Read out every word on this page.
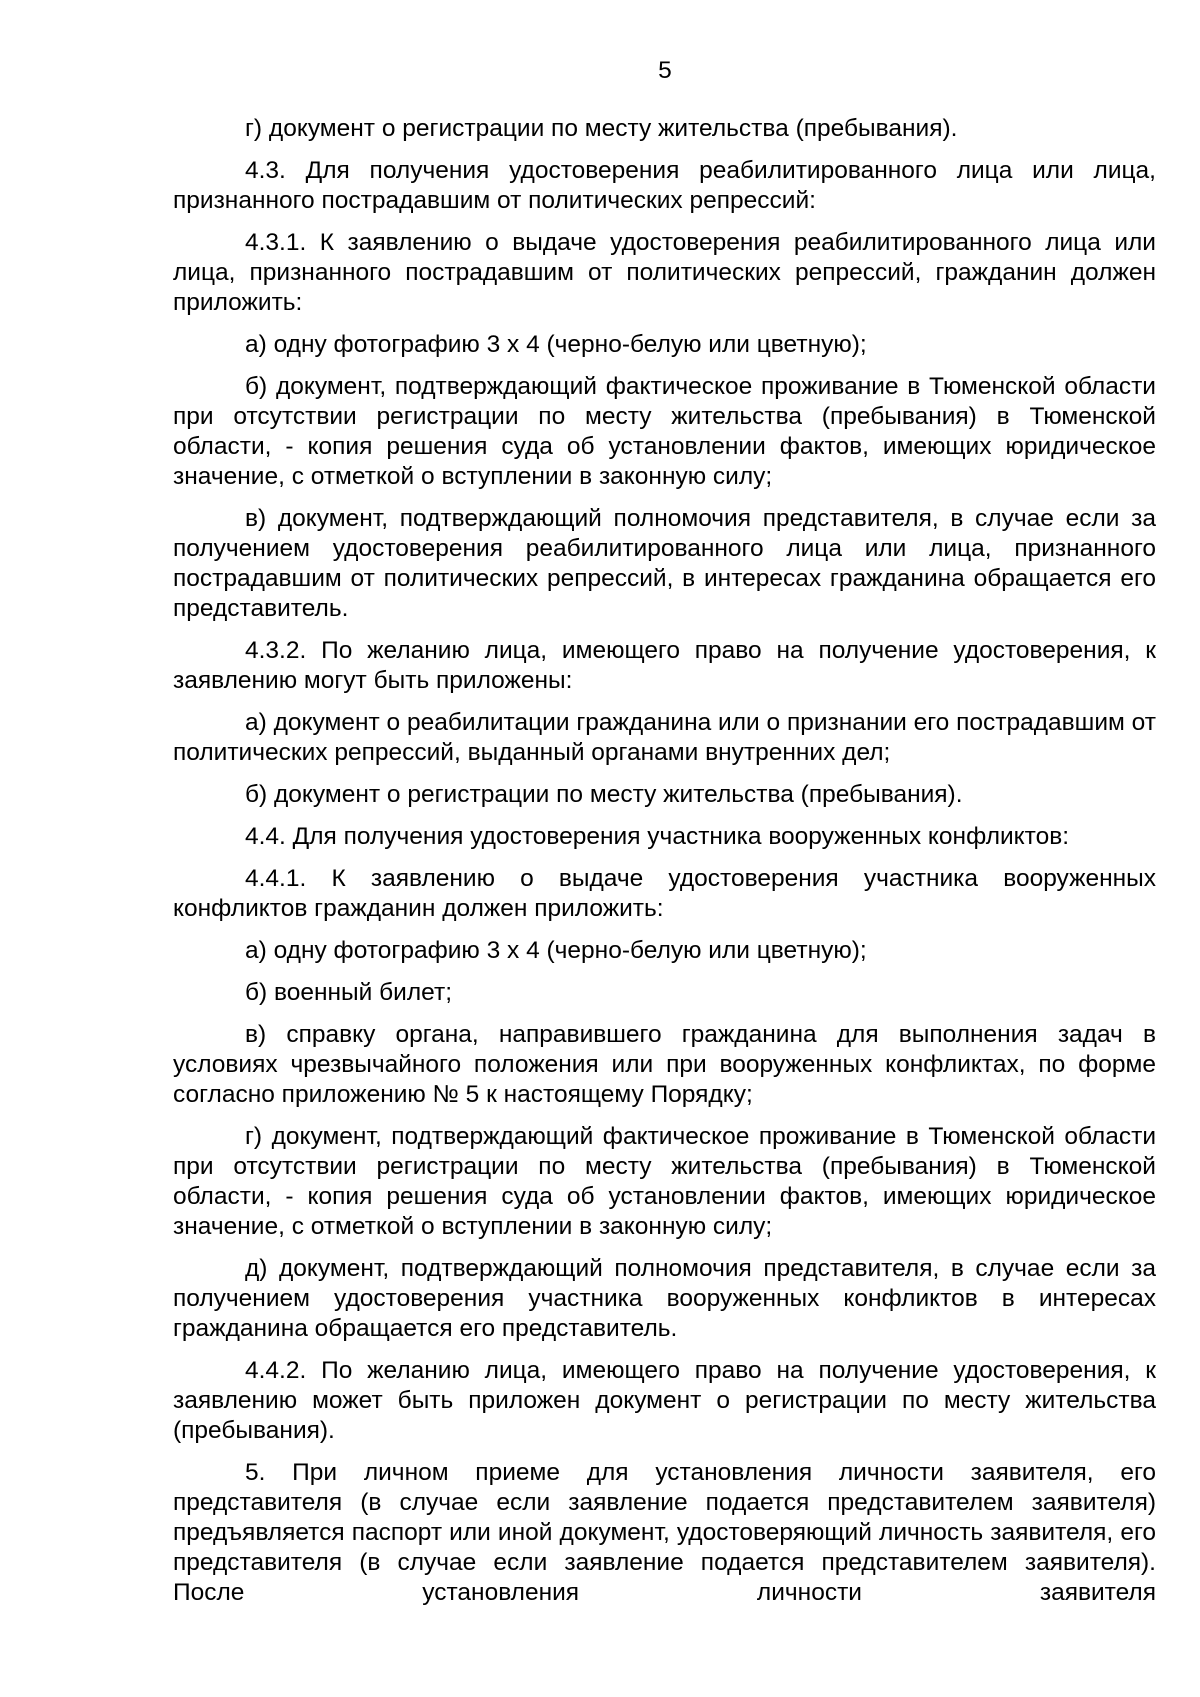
5

г) документ о регистрации по месту жительства (пребывания).

4.3. Для получения удостоверения реабилитированного лица или лица, признанного пострадавшим от политических репрессий:

4.3.1. К заявлению о выдаче удостоверения реабилитированного лица или лица, признанного пострадавшим от политических репрессий, гражданин должен приложить:

а) одну фотографию 3 х 4 (черно-белую или цветную);

б) документ, подтверждающий фактическое проживание в Тюменской области при отсутствии регистрации по месту жительства (пребывания) в Тюменской области, - копия решения суда об установлении фактов, имеющих юридическое значение, с отметкой о вступлении в законную силу;

в) документ, подтверждающий полномочия представителя, в случае если за получением удостоверения реабилитированного лица или лица, признанного пострадавшим от политических репрессий, в интересах гражданина обращается его представитель.

4.3.2. По желанию лица, имеющего право на получение удостоверения, к заявлению могут быть приложены:

а) документ о реабилитации гражданина или о признании его пострадавшим от политических репрессий, выданный органами внутренних дел;

б) документ о регистрации по месту жительства (пребывания).

4.4. Для получения удостоверения участника вооруженных конфликтов:

4.4.1. К заявлению о выдаче удостоверения участника вооруженных конфликтов гражданин должен приложить:

а) одну фотографию 3 х 4 (черно-белую или цветную);

б) военный билет;

в) справку органа, направившего гражданина для выполнения задач в условиях чрезвычайного положения или при вооруженных конфликтах, по форме согласно приложению № 5 к настоящему Порядку;

г) документ, подтверждающий фактическое проживание в Тюменской области при отсутствии регистрации по месту жительства (пребывания) в Тюменской области, - копия решения суда об установлении фактов, имеющих юридическое значение, с отметкой о вступлении в законную силу;

д) документ, подтверждающий полномочия представителя, в случае если за получением удостоверения участника вооруженных конфликтов в интересах гражданина обращается его представитель.

4.4.2. По желанию лица, имеющего право на получение удостоверения, к заявлению может быть приложен документ о регистрации по месту жительства (пребывания).

5. При личном приеме для установления личности заявителя, его представителя (в случае если заявление подается представителем заявителя) предъявляется паспорт или иной документ, удостоверяющий личность заявителя, его представителя (в случае если заявление подается представителем заявителя). После установления личности заявителя
